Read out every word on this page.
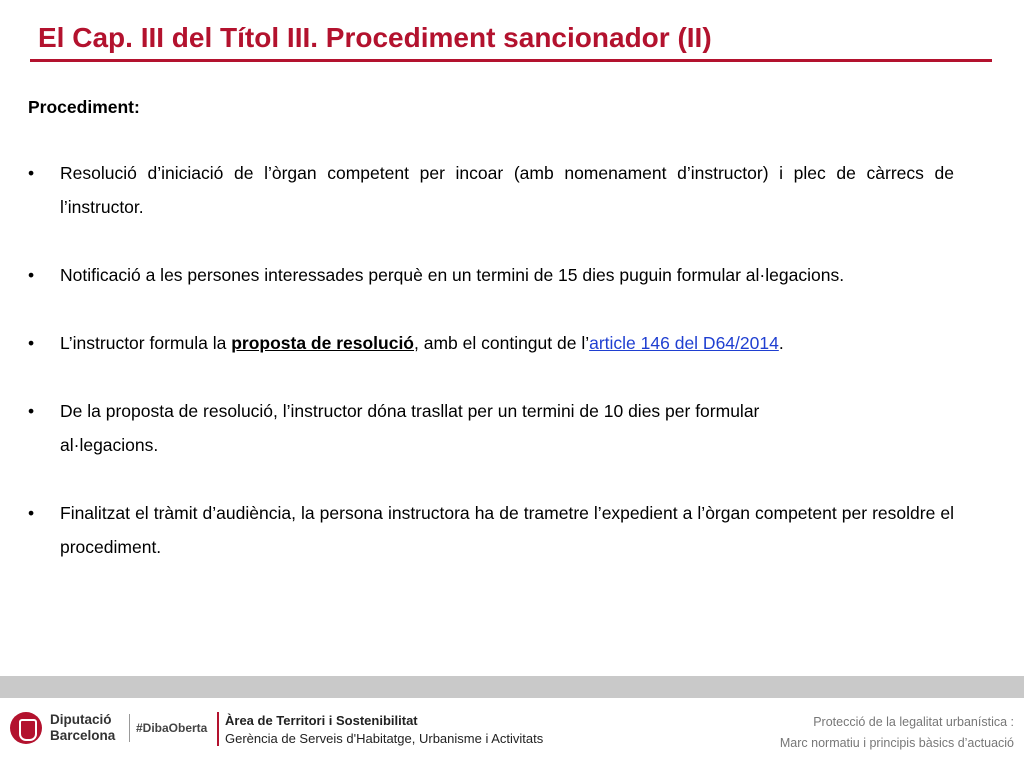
El Cap. III del Títol III. Procediment sancionador (II)
Procediment:
• Resolució d’iniciació de l’òrgan competent per incoar (amb nomenament d’instructor) i plec de càrrecs de l’instructor.
• Notificació a les persones interessades perquè en un termini de 15 dies puguin formular al·legacions.
• L’instructor formula la proposta de resolució, amb el contingut de l’article 146 del D64/2014.
• De la proposta de resolució, l’instructor dóna trasllat per un termini de 10 dies per formular
al·legacions.
• Finalitzat el tràmit d’audiència, la persona instructora ha de trametre l’expedient a l’òrgan competent per resoldre el procediment.
Diputació
Barcelona #DibaOberta Àrea de Territori i Sostenibilitat
Gerència de Serveis d'Habitatge, Urbanisme i Activitats
Protecció de la legalitat urbanística :
Marc normatiu i principis bàsics d’actuació
